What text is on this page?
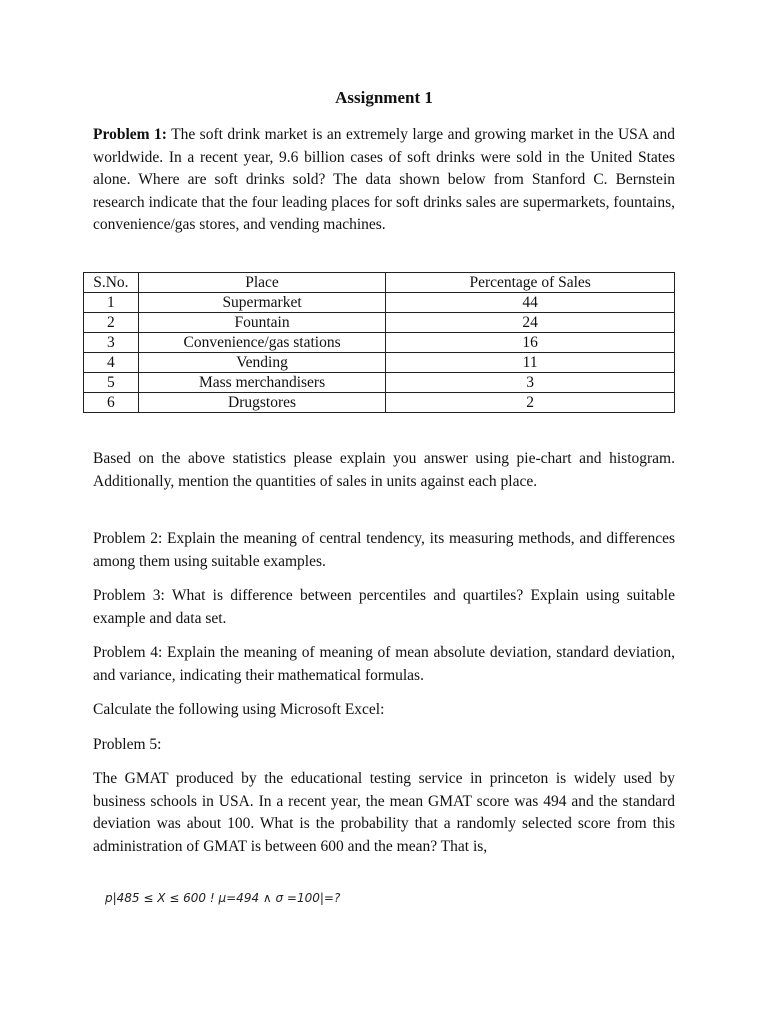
Assignment 1

Problem 1: The soft drink market is an extremely large and growing market in the USA and worldwide. In a recent year, 9.6 billion cases of soft drinks were sold in the United States alone. Where are soft drinks sold? The data shown below from Stanford C. Bernstein research indicate that the four leading places for soft drinks sales are supermarkets, fountains, convenience/gas stores, and vending machines.

S.No.	Place	Percentage of Sales
1	Supermarket	44
2	Fountain	24
3	Convenience/gas stations	16
4	Vending	11
5	Mass merchandisers	3
6	Drugstores	2

Based on the above statistics please explain you answer using pie-chart and histogram. Additionally, mention the quantities of sales in units against each place.

Problem 2: Explain the meaning of central tendency, its measuring methods, and differences among them using suitable examples.

Problem 3: What is difference between percentiles and quartiles? Explain using suitable example and data set.

Problem 4: Explain the meaning of meaning of mean absolute deviation, standard deviation, and variance, indicating their mathematical formulas.

Calculate the following using Microsoft Excel:

Problem 5:

The GMAT produced by the educational testing service in princeton is widely used by business schools in USA. In a recent year, the mean GMAT score was 494 and the standard deviation was about 100. What is the probability that a randomly selected score from this administration of GMAT is between 600 and the mean? That is,

p|485 ≤ X ≤ 600 ! μ=494 ∧ σ =100|=?
